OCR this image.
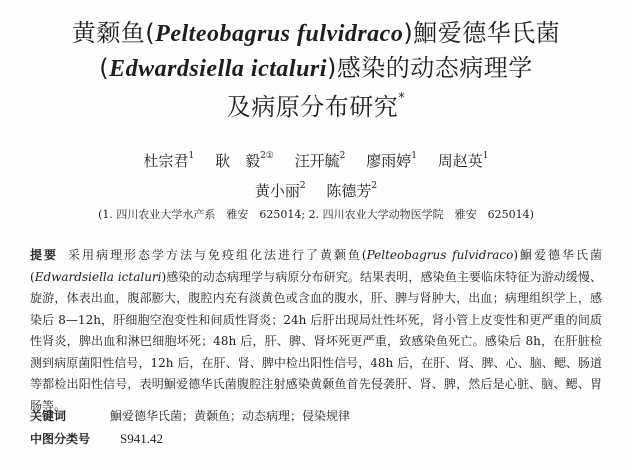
黄颡鱼(Pelteobagrus fulvidraco)鮰爱德华氏菌
(Edwardsiella ictaluri)感染的动态病理学
及病原分布研究*
杜宗君$^1$ 耿　毅$^{2①}$ 汪开毓$^2$ 廖雨婷$^1$ 周赵英$^1$
黄小丽$^2$ 陈德芳$^2$
(1. 四川农业大学水产系　雅安　625014; 2. 四川农业大学动物医学院　雅安　625014)
提要 采用病理形态学方法与免疫组化法进行了黄颡鱼(Pelteobagrus fulvidraco)鮰爱德华氏菌(Edwardsiella ictaluri)感染的动态病理学与病原分布研究。结果表明，感染鱼主要临床特征为游动缓慢、旋游，体表出血，腹部膨大，腹腔内充有淡黄色或含血的腹水，肝、脾与肾肿大，出血；病理组织学上，感染后 8—12h，肝细胞空泡变性和间质性肾炎；24h 后肝出现局灶性坏死，肾小管上皮变性和更严重的间质性肾炎，脾出血和淋巴细胞坏死；48h 后，肝、脾、肾坏死更严重，致感染鱼死亡。感染后 8h，在肝脏检测到病原菌阳性信号，12h 后，在肝、肾、脾中检出阳性信号，48h 后，在肝、肾、脾、心、脑、鳃、肠道等都检出阳性信号，表明鮰爱德华氏菌腹腔注射感染黄颡鱼首先侵袭肝、肾、脾，然后是心脏、脑、鳃、胃肠等。
关键词	鮰爱德华氏菌；黄颡鱼；动态病理；侵染规律
中图分类号 S941.42
